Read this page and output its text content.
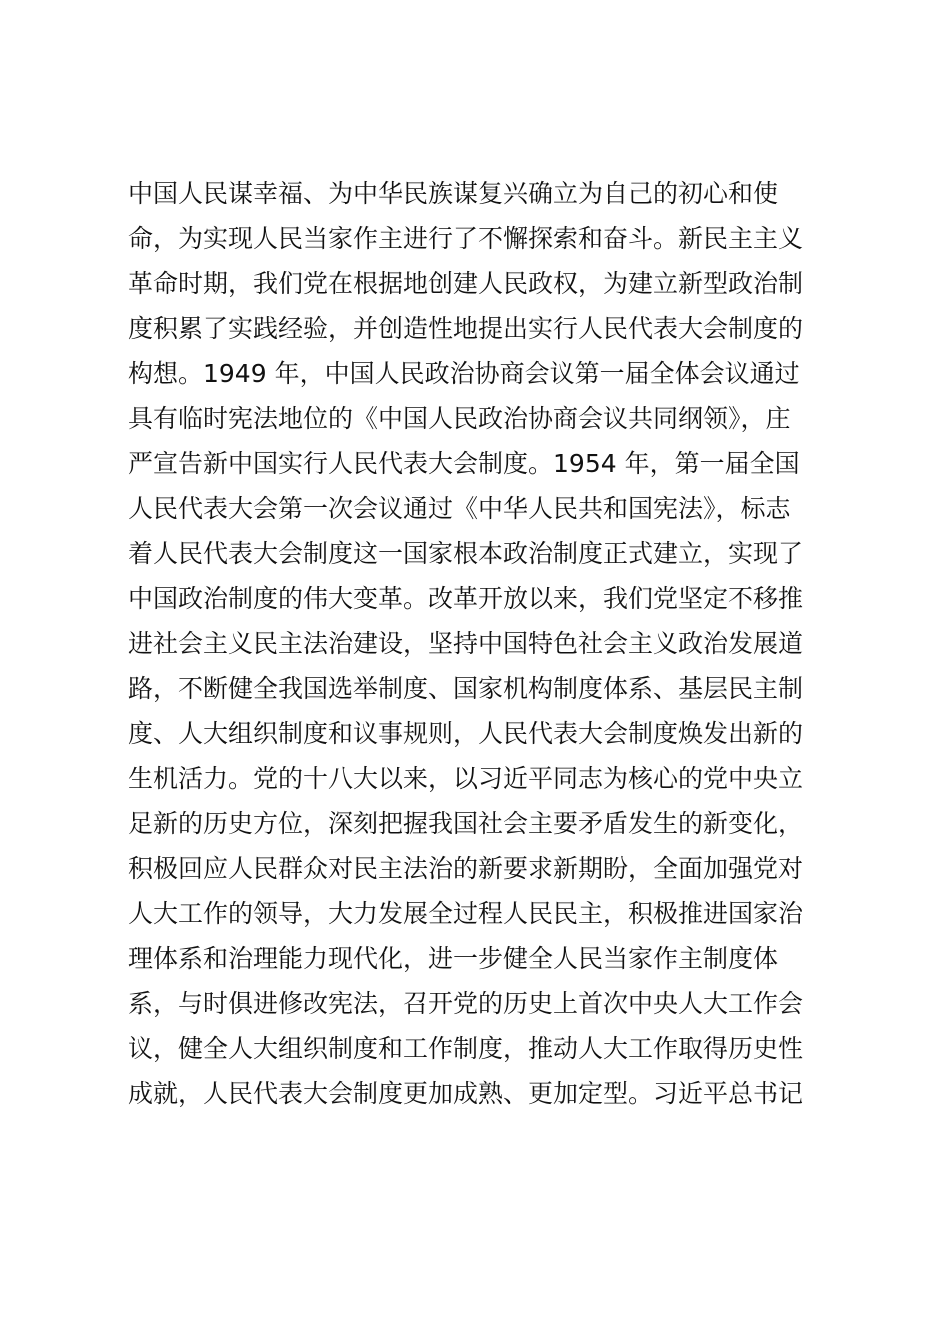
中国人民谋幸福、为中华民族谋复兴确立为自己的初心和使
命，为实现人民当家作主进行了不懈探索和奋斗。新民主主义
革命时期，我们党在根据地创建人民政权，为建立新型政治制
度积累了实践经验，并创造性地提出实行人民代表大会制度的
构想。1949 年，中国人民政治协商会议第一届全体会议通过
具有临时宪法地位的《中国人民政治协商会议共同纲领》，庄
严宣告新中国实行人民代表大会制度。1954 年，第一届全国
人民代表大会第一次会议通过《中华人民共和国宪法》，标志
着人民代表大会制度这一国家根本政治制度正式建立，实现了
中国政治制度的伟大变革。改革开放以来，我们党坚定不移推
进社会主义民主法治建设，坚持中国特色社会主义政治发展道
路，不断健全我国选举制度、国家机构制度体系、基层民主制
度、人大组织制度和议事规则，人民代表大会制度焕发出新的
生机活力。党的十八大以来，以习近平同志为核心的党中央立
足新的历史方位，深刻把握我国社会主要矛盾发生的新变化，
积极回应人民群众对民主法治的新要求新期盼，全面加强党对
人大工作的领导，大力发展全过程人民民主，积极推进国家治
理体系和治理能力现代化，进一步健全人民当家作主制度体
系，与时俱进修改宪法，召开党的历史上首次中央人大工作会
议，健全人大组织制度和工作制度，推动人大工作取得历史性
成就，人民代表大会制度更加成熟、更加定型。习近平总书记
